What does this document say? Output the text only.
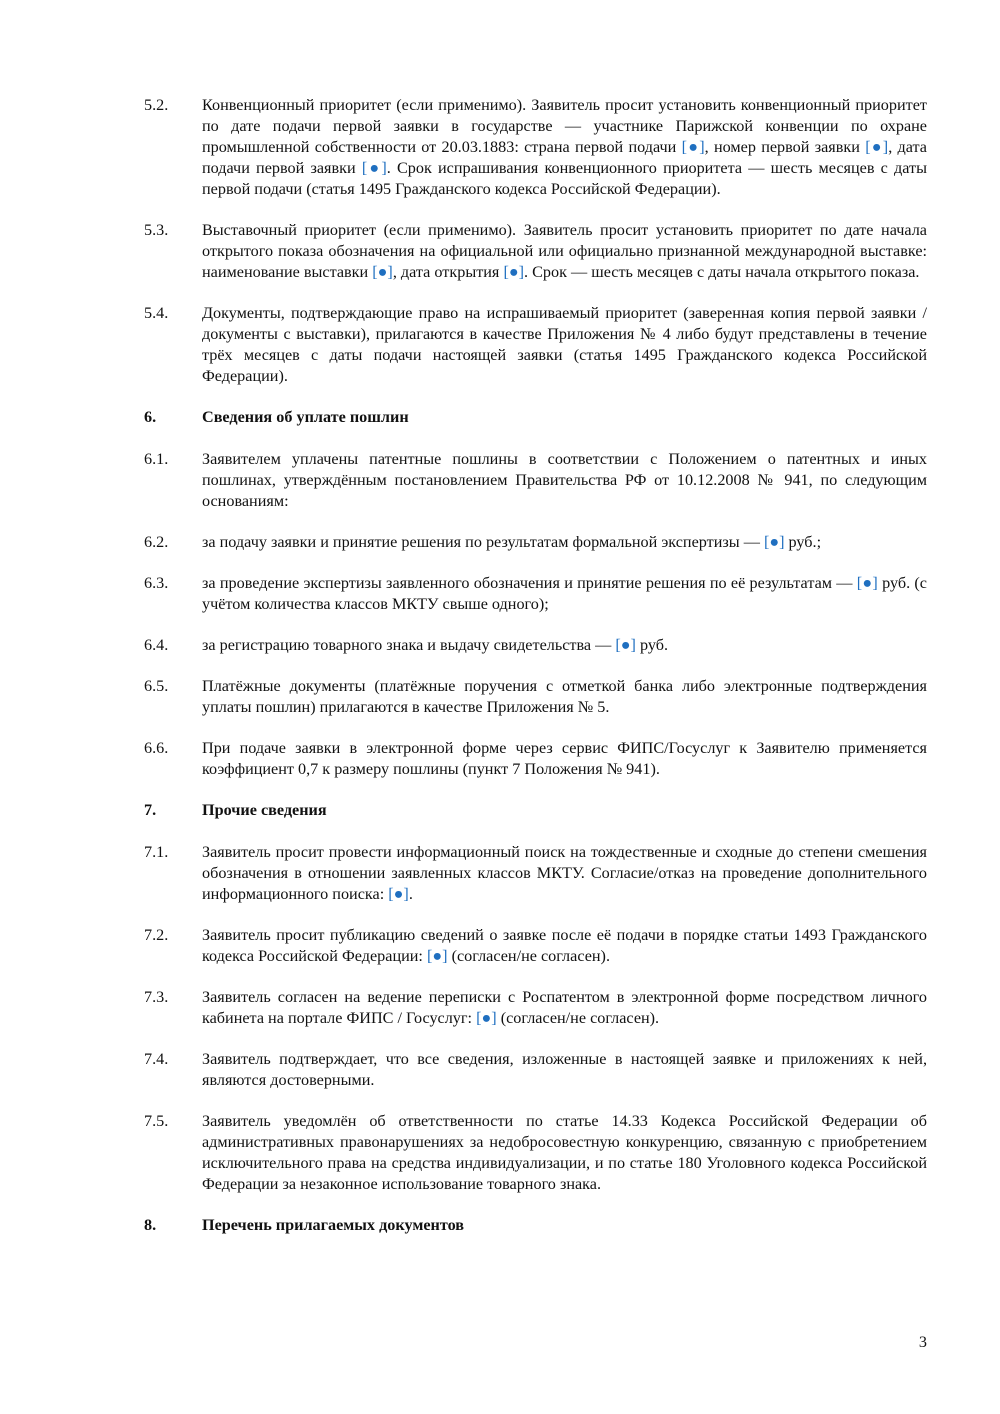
5.2.	Конвенционный приоритет (если применимо). Заявитель просит установить конвенционный приоритет по дате подачи первой заявки в государстве — участнике Парижской конвенции по охране промышленной собственности от 20.03.1883: страна первой подачи [●], номер первой заявки [●], дата подачи первой заявки [●]. Срок испрашивания конвенционного приоритета — шесть месяцев с даты первой подачи (статья 1495 Гражданского кодекса Российской Федерации).
5.3.	Выставочный приоритет (если применимо). Заявитель просит установить приоритет по дате начала открытого показа обозначения на официальной или официально признанной международной выставке: наименование выставки [●], дата открытия [●]. Срок — шесть месяцев с даты начала открытого показа.
5.4.	Документы, подтверждающие право на испрашиваемый приоритет (заверенная копия первой заявки / документы с выставки), прилагаются в качестве Приложения № 4 либо будут представлены в течение трёх месяцев с даты подачи настоящей заявки (статья 1495 Гражданского кодекса Российской Федерации).
6.	Сведения об уплате пошлин
6.1.	Заявителем уплачены патентные пошлины в соответствии с Положением о патентных и иных пошлинах, утверждённым постановлением Правительства РФ от 10.12.2008 № 941, по следующим основаниям:
6.2.	за подачу заявки и принятие решения по результатам формальной экспертизы — [●] руб.;
6.3.	за проведение экспертизы заявленного обозначения и принятие решения по её результатам — [●] руб. (с учётом количества классов МКТУ свыше одного);
6.4.	за регистрацию товарного знака и выдачу свидетельства — [●] руб.
6.5.	Платёжные документы (платёжные поручения с отметкой банка либо электронные подтверждения уплаты пошлин) прилагаются в качестве Приложения № 5.
6.6.	При подаче заявки в электронной форме через сервис ФИПС/Госуслуг к Заявителю применяется коэффициент 0,7 к размеру пошлины (пункт 7 Положения № 941).
7.	Прочие сведения
7.1.	Заявитель просит провести информационный поиск на тождественные и сходные до степени смешения обозначения в отношении заявленных классов МКТУ. Согласие/отказ на проведение дополнительного информационного поиска: [●].
7.2.	Заявитель просит публикацию сведений о заявке после её подачи в порядке статьи 1493 Гражданского кодекса Российской Федерации: [●] (согласен/не согласен).
7.3.	Заявитель согласен на ведение переписки с Роспатентом в электронной форме посредством личного кабинета на портале ФИПС / Госуслуг: [●] (согласен/не согласен).
7.4.	Заявитель подтверждает, что все сведения, изложенные в настоящей заявке и приложениях к ней, являются достоверными.
7.5.	Заявитель уведомлён об ответственности по статье 14.33 Кодекса Российской Федерации об административных правонарушениях за недобросовестную конкуренцию, связанную с приобретением исключительного права на средства индивидуализации, и по статье 180 Уголовного кодекса Российской Федерации за незаконное использование товарного знака.
8.	Перечень прилагаемых документов
3
